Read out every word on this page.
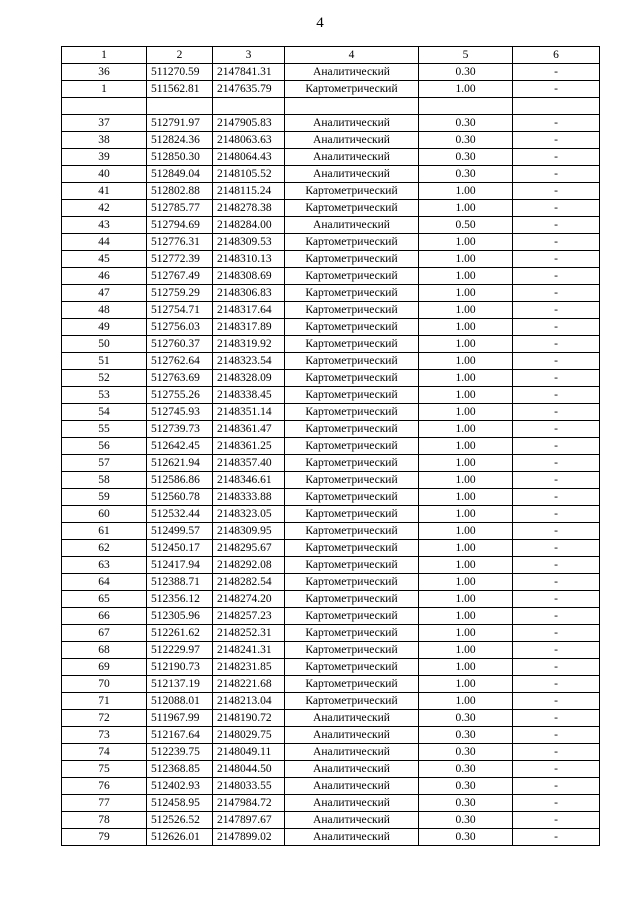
4
1	2	3	4	5	6
36	511270.59	2147841.31	Аналитический	0.30	-
1	511562.81	2147635.79	Картометрический	1.00	-

37	512791.97	2147905.83	Аналитический	0.30	-
38	512824.36	2148063.63	Аналитический	0.30	-
39	512850.30	2148064.43	Аналитический	0.30	-
40	512849.04	2148105.52	Аналитический	0.30	-
41	512802.88	2148115.24	Картометрический	1.00	-
42	512785.77	2148278.38	Картометрический	1.00	-
43	512794.69	2148284.00	Аналитический	0.50	-
44	512776.31	2148309.53	Картометрический	1.00	-
45	512772.39	2148310.13	Картометрический	1.00	-
46	512767.49	2148308.69	Картометрический	1.00	-
47	512759.29	2148306.83	Картометрический	1.00	-
48	512754.71	2148317.64	Картометрический	1.00	-
49	512756.03	2148317.89	Картометрический	1.00	-
50	512760.37	2148319.92	Картометрический	1.00	-
51	512762.64	2148323.54	Картометрический	1.00	-
52	512763.69	2148328.09	Картометрический	1.00	-
53	512755.26	2148338.45	Картометрический	1.00	-
54	512745.93	2148351.14	Картометрический	1.00	-
55	512739.73	2148361.47	Картометрический	1.00	-
56	512642.45	2148361.25	Картометрический	1.00	-
57	512621.94	2148357.40	Картометрический	1.00	-
58	512586.86	2148346.61	Картометрический	1.00	-
59	512560.78	2148333.88	Картометрический	1.00	-
60	512532.44	2148323.05	Картометрический	1.00	-
61	512499.57	2148309.95	Картометрический	1.00	-
62	512450.17	2148295.67	Картометрический	1.00	-
63	512417.94	2148292.08	Картометрический	1.00	-
64	512388.71	2148282.54	Картометрический	1.00	-
65	512356.12	2148274.20	Картометрический	1.00	-
66	512305.96	2148257.23	Картометрический	1.00	-
67	512261.62	2148252.31	Картометрический	1.00	-
68	512229.97	2148241.31	Картометрический	1.00	-
69	512190.73	2148231.85	Картометрический	1.00	-
70	512137.19	2148221.68	Картометрический	1.00	-
71	512088.01	2148213.04	Картометрический	1.00	-
72	511967.99	2148190.72	Аналитический	0.30	-
73	512167.64	2148029.75	Аналитический	0.30	-
74	512239.75	2148049.11	Аналитический	0.30	-
75	512368.85	2148044.50	Аналитический	0.30	-
76	512402.93	2148033.55	Аналитический	0.30	-
77	512458.95	2147984.72	Аналитический	0.30	-
78	512526.52	2147897.67	Аналитический	0.30	-
79	512626.01	2147899.02	Аналитический	0.30	-
